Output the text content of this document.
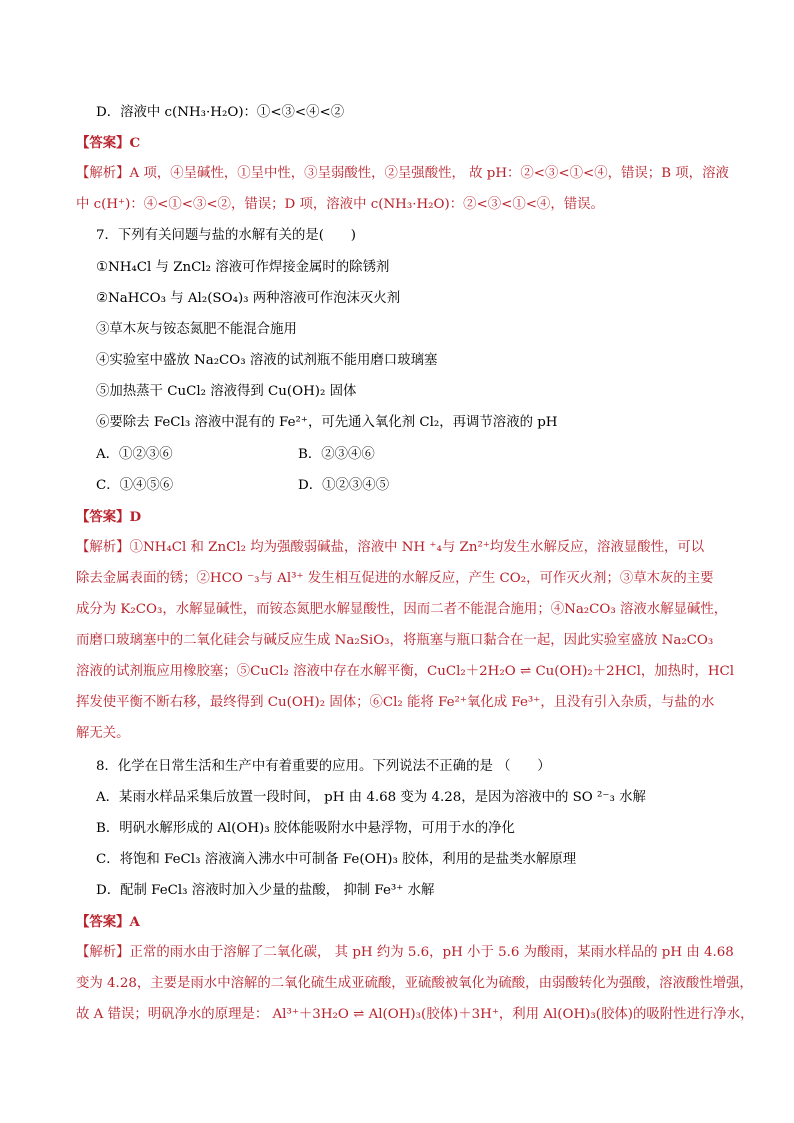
D．溶液中 c(NH₃·H₂O)：①<③<④<②
【答案】C
【解析】A 项，④呈碱性，①呈中性，③呈弱酸性，②呈强酸性， 故 pH：②<③<①<④，错误；B 项，溶液
中 c(H⁺)：④<①<③<②，错误；D 项，溶液中 c(NH₃·H₂O)：②<③<①<④，错误。
7．下列有关问题与盐的水解有关的是(　　)
①NH₄Cl 与 ZnCl₂ 溶液可作焊接金属时的除锈剂
②NaHCO₃ 与 Al₂(SO₄)₃ 两种溶液可作泡沫灭火剂
③草木灰与铵态氮肥不能混合施用
④实验室中盛放 Na₂CO₃ 溶液的试剂瓶不能用磨口玻璃塞
⑤加热蒸干 CuCl₂ 溶液得到 Cu(OH)₂ 固体
⑥要除去 FeCl₃ 溶液中混有的 Fe²⁺，可先通入氧化剂 Cl₂，再调节溶液的 pH
A．①②③⑥	B．②③④⑥
C．①④⑤⑥	D．①②③④⑤
【答案】D
【解析】①NH₄Cl 和 ZnCl₂ 均为强酸弱碱盐，溶液中 NH ⁺₄与 Zn²⁺均发生水解反应，溶液显酸性，可以
除去金属表面的锈；②HCO ⁻₃与 Al³⁺ 发生相互促进的水解反应，产生 CO₂，可作灭火剂；③草木灰的主要
成分为 K₂CO₃，水解显碱性，而铵态氮肥水解显酸性，因而二者不能混合施用；④Na₂CO₃ 溶液水解显碱性，
而磨口玻璃塞中的二氧化硅会与碱反应生成 Na₂SiO₃，将瓶塞与瓶口黏合在一起，因此实验室盛放 Na₂CO₃
溶液的试剂瓶应用橡胶塞；⑤CuCl₂ 溶液中存在水解平衡，CuCl₂＋2H₂O ⇌ Cu(OH)₂＋2HCl，加热时，HCl
挥发使平衡不断右移，最终得到 Cu(OH)₂ 固体；⑥Cl₂ 能将 Fe²⁺氧化成 Fe³⁺，且没有引入杂质，与盐的水
解无关。
8．化学在日常生活和生产中有着重要的应用。下列说法不正确的是 （　　）
A．某雨水样品采集后放置一段时间， pH 由 4.68 变为 4.28，是因为溶液中的 SO ²⁻₃ 水解
B．明矾水解形成的 Al(OH)₃ 胶体能吸附水中悬浮物，可用于水的净化
C．将饱和 FeCl₃ 溶液滴入沸水中可制备 Fe(OH)₃ 胶体，利用的是盐类水解原理
D．配制 FeCl₃ 溶液时加入少量的盐酸， 抑制 Fe³⁺ 水解
【答案】A
【解析】正常的雨水由于溶解了二氧化碳， 其 pH 约为 5.6，pH 小于 5.6 为酸雨，某雨水样品的 pH 由 4.68
变为 4.28，主要是雨水中溶解的二氧化硫生成亚硫酸，亚硫酸被氧化为硫酸，由弱酸转化为强酸，溶液酸性增强，
故 A 错误；明矾净水的原理是： Al³⁺＋3H₂O ⇌ Al(OH)₃(胶体)＋3H⁺，利用 Al(OH)₃(胶体)的吸附性进行净水，
